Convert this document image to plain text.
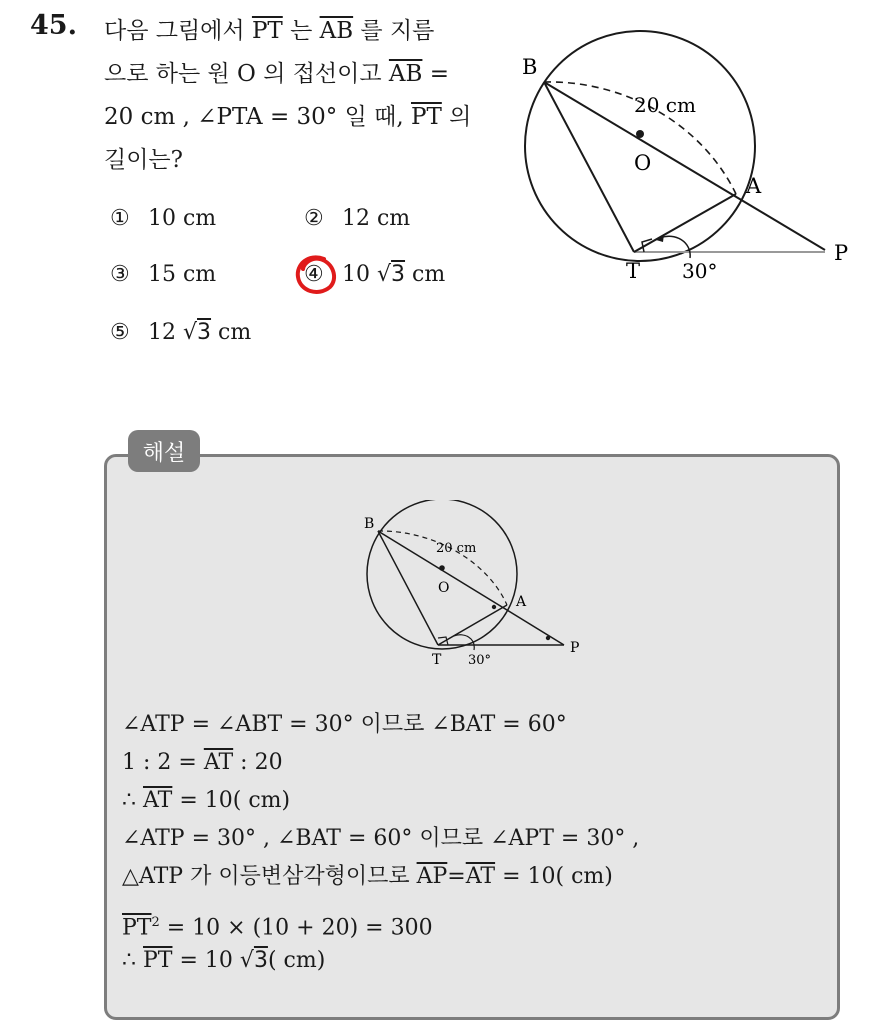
45. 다음 그림에서 $\overline{PT}$ 는 $\overline{AB}$ 를 지름
으로 하는 원 O 의 접선이고 $\overline{AB}$ =
20 cm , ∠PTA = 30° 일 때, $\overline{PT}$ 의
길이는?
① 10 cm	② 12 cm
③ 15 cm	④ 10 √3 cm
⑤ 12 √3 cm
B
O
A
T
P
20 cm
30°
해설
B
O
A
T
P
20 cm
30°
∠ATP = ∠ABT = 30° 이므로 ∠BAT = 60°
1 : $2 = \overline{AT}$ : 20
∴ $\overline{AT} = 10$( cm)
∠ATP = 30° , ∠BAT = 60° 이므로 ∠APT = 30° ,
△ATP 가 이등변삼각형이므로 $\overline{AP}=\overline{AT} = 10$( cm)
$\overline{PT}^2 = 10 \times (10 + 20) = 300$
∴ $\overline{PT} = 10$ √3( cm)
